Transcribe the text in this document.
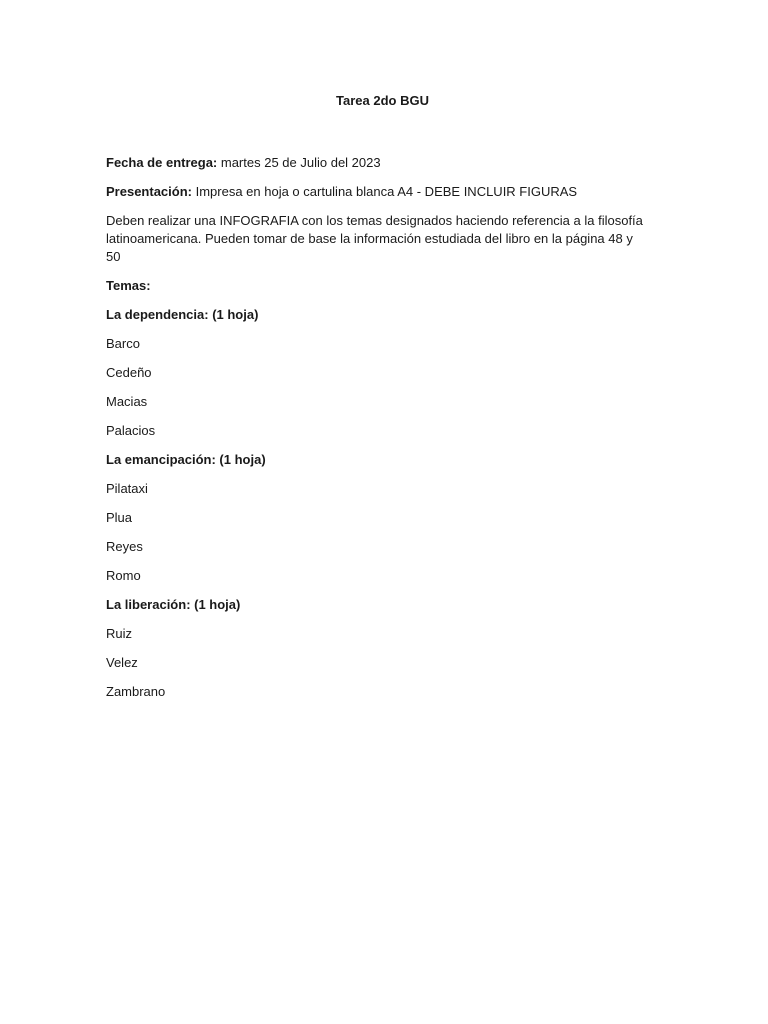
Tarea 2do BGU
Fecha de entrega: martes 25 de Julio del 2023
Presentación: Impresa en hoja o cartulina blanca A4 - DEBE INCLUIR FIGURAS
Deben realizar una INFOGRAFIA con los temas designados haciendo referencia a la filosofía latinoamericana. Pueden tomar de base la información estudiada del libro en la página 48 y 50
Temas:
La dependencia: (1 hoja)
Barco
Cedeño
Macias
Palacios
La emancipación: (1 hoja)
Pilataxi
Plua
Reyes
Romo
La liberación: (1 hoja)
Ruiz
Velez
Zambrano
